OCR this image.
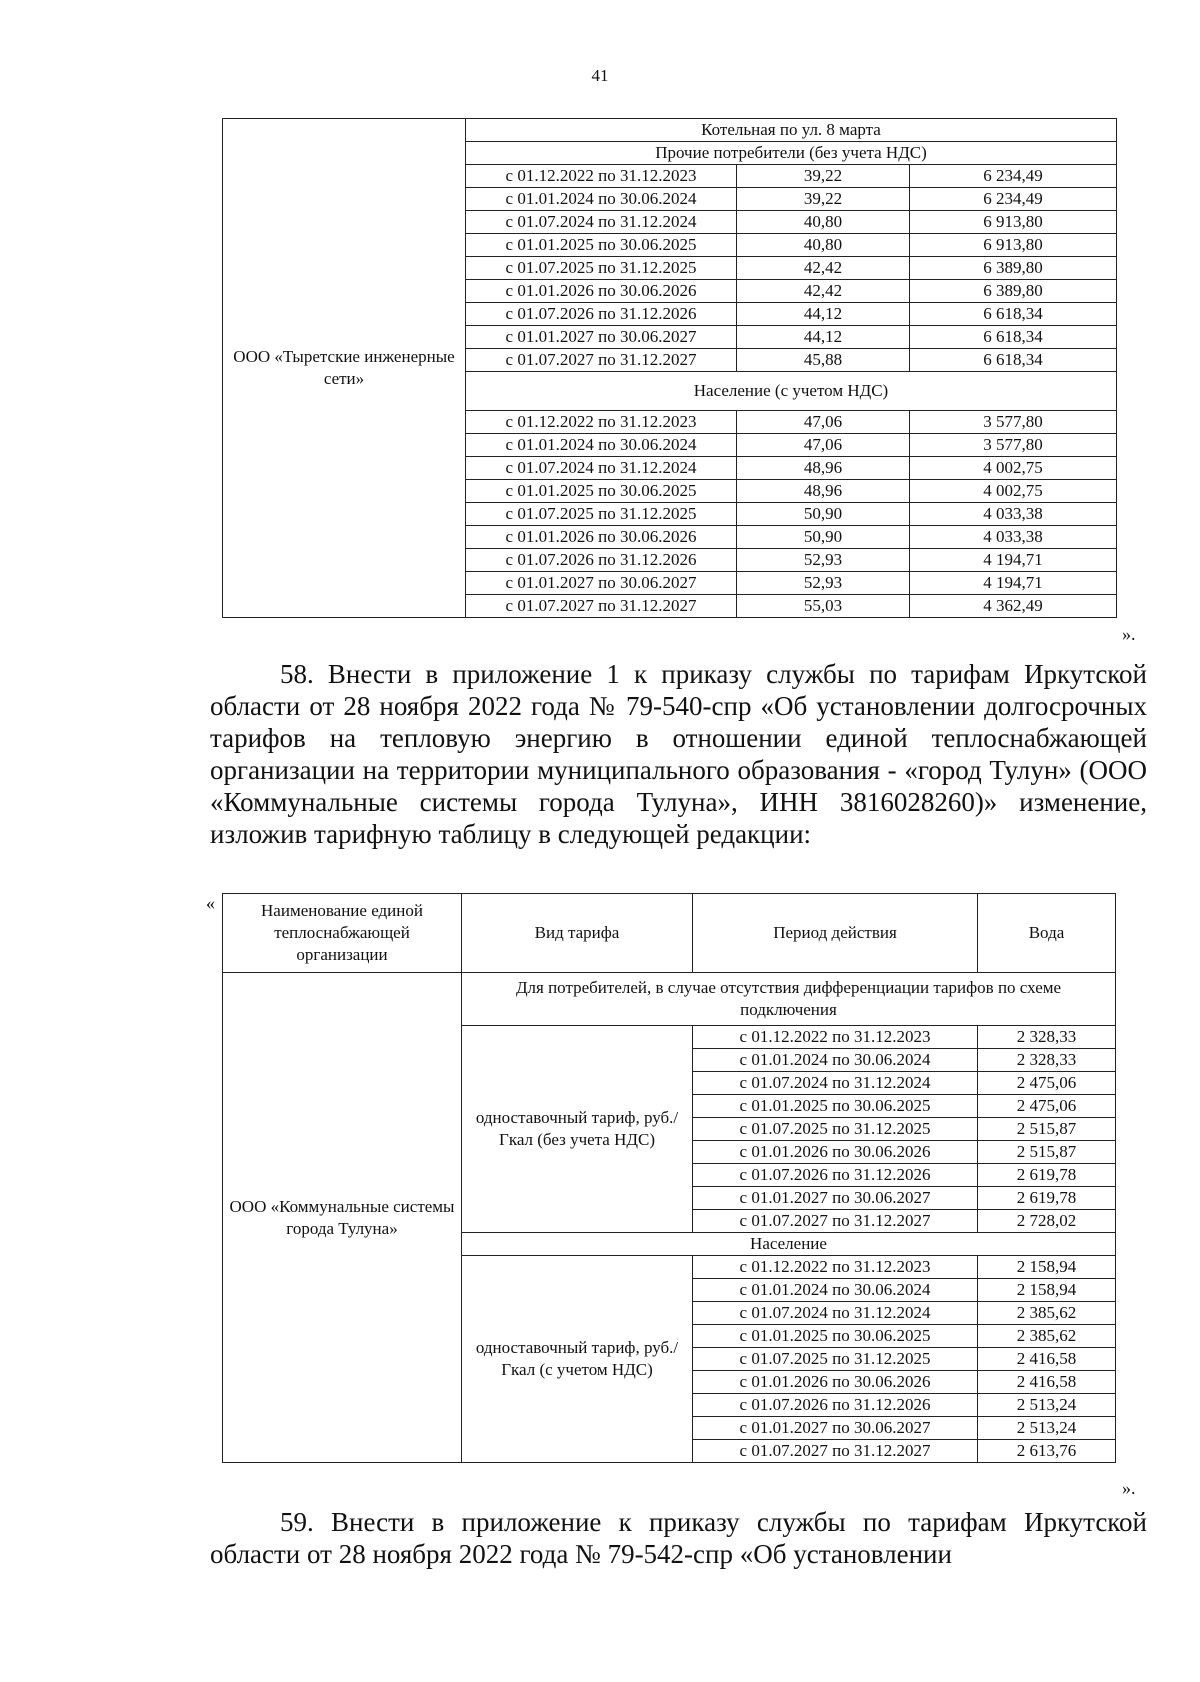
41
ООО «Тыретские инженерные сети»	Котельная по ул. 8 марта		
	Прочие потребители (без учета НДС)		
	с 01.12.2022 по 31.12.2023	39,22	6 234,49
	с 01.01.2024 по 30.06.2024	39,22	6 234,49
	с 01.07.2024 по 31.12.2024	40,80	6 913,80
	с 01.01.2025 по 30.06.2025	40,80	6 913,80
	с 01.07.2025 по 31.12.2025	42,42	6 389,80
	с 01.01.2026 по 30.06.2026	42,42	6 389,80
	с 01.07.2026 по 31.12.2026	44,12	6 618,34
	с 01.01.2027 по 30.06.2027	44,12	6 618,34
	с 01.07.2027 по 31.12.2027	45,88	6 618,34
	Население (с учетом НДС)		
	с 01.12.2022 по 31.12.2023	47,06	3 577,80
	с 01.01.2024 по 30.06.2024	47,06	3 577,80
	с 01.07.2024 по 31.12.2024	48,96	4 002,75
	с 01.01.2025 по 30.06.2025	48,96	4 002,75
	с 01.07.2025 по 31.12.2025	50,90	4 033,38
	с 01.01.2026 по 30.06.2026	50,90	4 033,38
	с 01.07.2026 по 31.12.2026	52,93	4 194,71
	с 01.01.2027 по 30.06.2027	52,93	4 194,71
	с 01.07.2027 по 31.12.2027	55,03	4 362,49
».

58. Внести в приложение 1 к приказу службы по тарифам Иркутской области от 28 ноября 2022 года № 79-540-спр «Об установлении долгосрочных тарифов на тепловую энергию в отношении единой теплоснабжающей организации на территории муниципального образования - «город Тулун» (ООО «Коммунальные системы города Тулуна», ИНН 3816028260)» изменение, изложив тарифную таблицу в следующей редакции:

«	Наименование единой теплоснабжающей организации	Вид тарифа	Период действия	Вода
ООО «Коммунальные системы города Тулуна»	Для потребителей, в случае отсутствия дифференциации тарифов по схеме подключения		
	одноставочный тариф, руб./Гкал (без учета НДС)	с 01.12.2022 по 31.12.2023	2 328,33
		с 01.01.2024 по 30.06.2024	2 328,33
		с 01.07.2024 по 31.12.2024	2 475,06
		с 01.01.2025 по 30.06.2025	2 475,06
		с 01.07.2025 по 31.12.2025	2 515,87
		с 01.01.2026 по 30.06.2026	2 515,87
		с 01.07.2026 по 31.12.2026	2 619,78
		с 01.01.2027 по 30.06.2027	2 619,78
		с 01.07.2027 по 31.12.2027	2 728,02
	Население		
	одноставочный тариф, руб./Гкал (с учетом НДС)	с 01.12.2022 по 31.12.2023	2 158,94
		с 01.01.2024 по 30.06.2024	2 158,94
		с 01.07.2024 по 31.12.2024	2 385,62
		с 01.01.2025 по 30.06.2025	2 385,62
		с 01.07.2025 по 31.12.2025	2 416,58
		с 01.01.2026 по 30.06.2026	2 416,58
		с 01.07.2026 по 31.12.2026	2 513,24
		с 01.01.2027 по 30.06.2027	2 513,24
		с 01.07.2027 по 31.12.2027	2 613,76
».

59. Внести в приложение к приказу службы по тарифам Иркутской области от 28 ноября 2022 года № 79-542-спр «Об установлении
